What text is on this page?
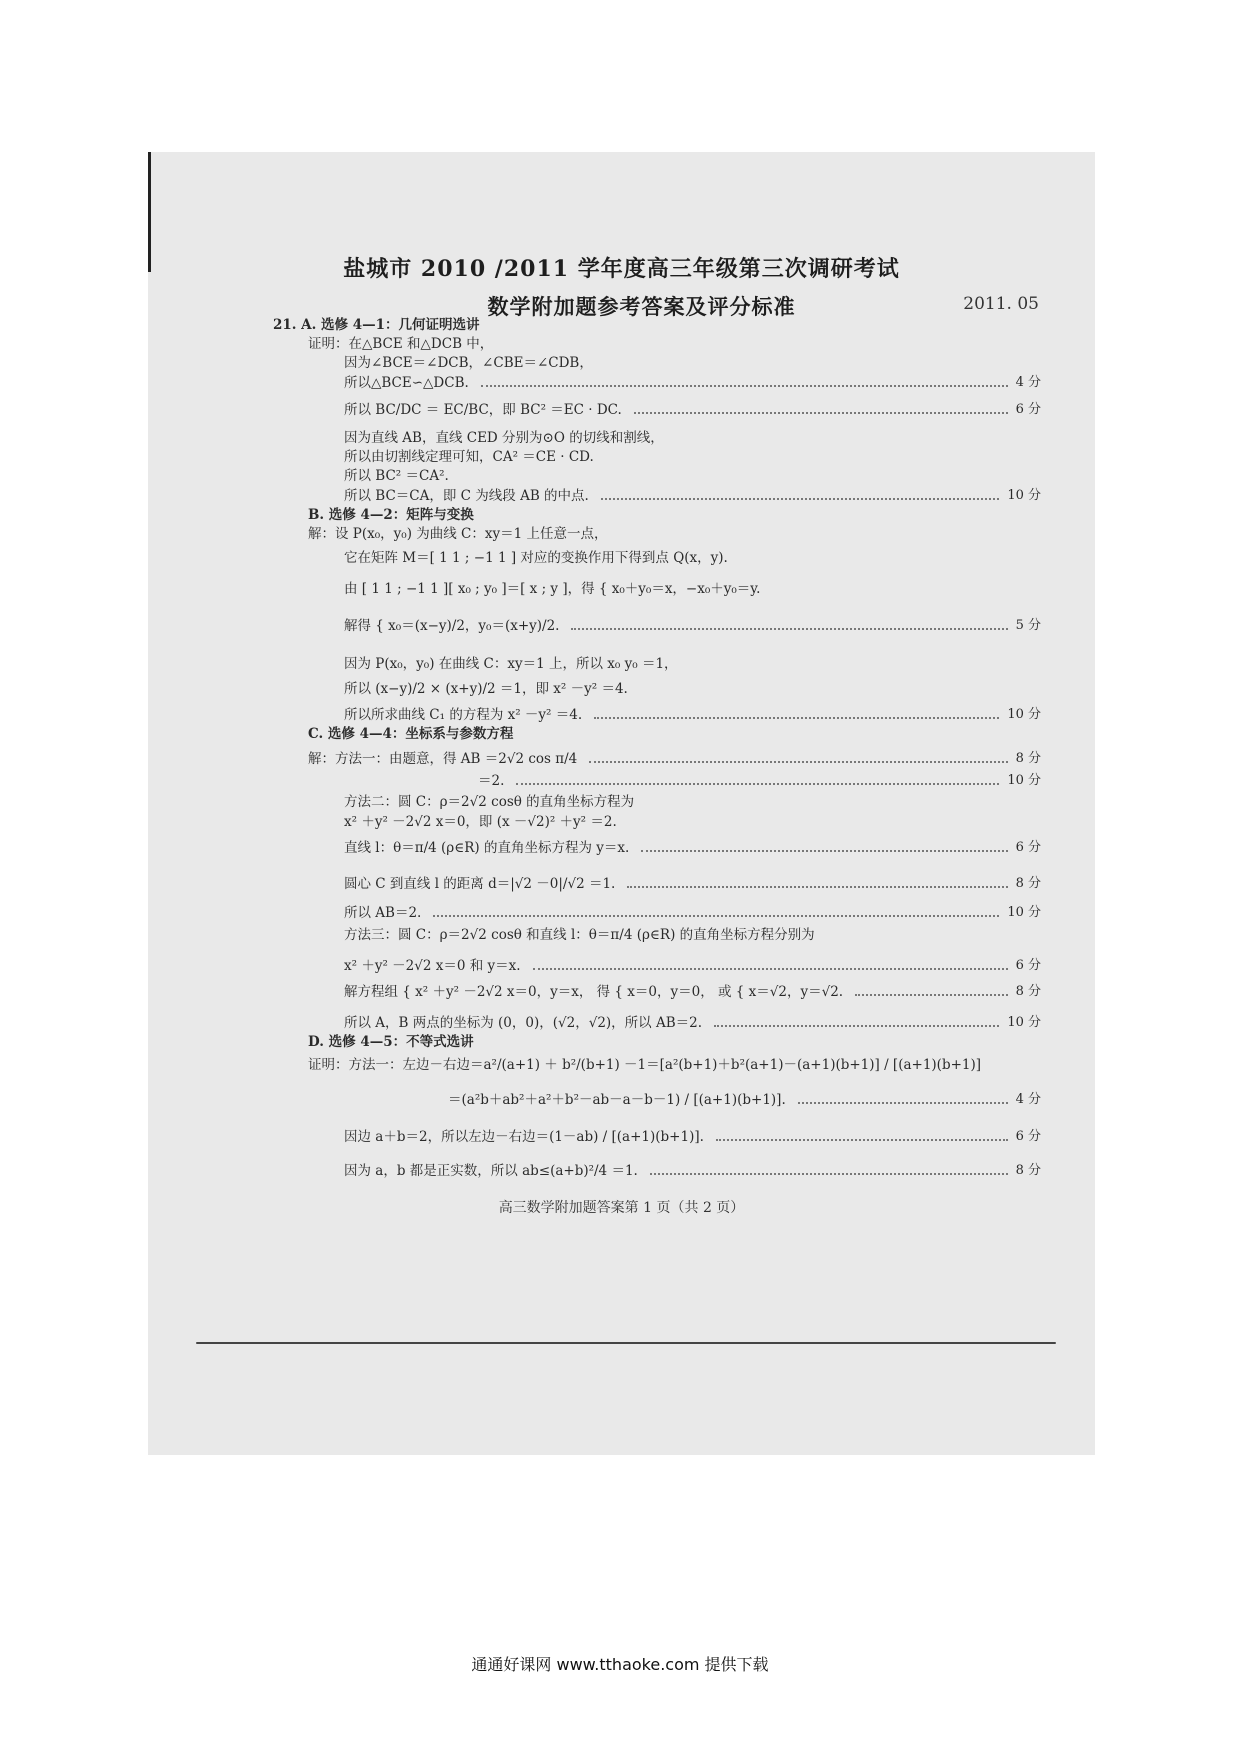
盐城市 2010 /2011 学年度高三年级第三次调研考试
数学附加题参考答案及评分标准	2011. 05
21. A. 选修 4—1：几何证明选讲
证明：在△BCE 和△DCB 中，
因为∠BCE＝∠DCB，∠CBE＝∠CDB，
所以△BCE∽△DCB.	4 分
所以 BC/DC ＝ EC/BC，即 BC² ＝EC · DC.	6 分
因为直线 AB，直线 CED 分别为⊙O 的切线和割线，
所以由切割线定理可知，CA² ＝CE · CD.
所以 BC² ＝CA².
所以 BC＝CA，即 C 为线段 AB 的中点.	10 分
B. 选修 4—2：矩阵与变换
解：设 P(x₀，y₀) 为曲线 C：xy＝1 上任意一点，
它在矩阵 M＝[ 1 1 ; −1 1 ] 对应的变换作用下得到点 Q(x，y).
由 [ 1 1 ; −1 1 ][ x₀ ; y₀ ]＝[ x ; y ]，得 { x₀＋y₀＝x，−x₀＋y₀＝y.
解得 { x₀＝(x−y)/2，y₀＝(x+y)/2.	5 分
因为 P(x₀，y₀) 在曲线 C：xy＝1 上，所以 x₀ y₀ ＝1，
所以 (x−y)/2 × (x+y)/2 ＝1，即 x² －y² ＝4.
所以所求曲线 C₁ 的方程为 x² －y² ＝4.	10 分
C. 选修 4—4：坐标系与参数方程
解：方法一：由题意，得 AB ＝2√2 cos π/4	8 分
＝2.	10 分
方法二：圆 C：ρ＝2√2 cosθ 的直角坐标方程为
x² ＋y² －2√2 x＝0，即 (x －√2)² ＋y² ＝2.
直线 l：θ＝π/4 (ρ∈R) 的直角坐标方程为 y＝x.	6 分
圆心 C 到直线 l 的距离 d＝|√2 －0|/√2 ＝1.	8 分
所以 AB＝2.	10 分
方法三：圆 C：ρ＝2√2 cosθ 和直线 l：θ＝π/4 (ρ∈R) 的直角坐标方程分别为
x² ＋y² －2√2 x＝0 和 y＝x.	6 分
解方程组 { x² ＋y² －2√2 x＝0，y＝x， 得 { x＝0，y＝0， 或 { x＝√2，y＝√2.	8 分
所以 A，B 两点的坐标为 (0，0)，(√2，√2)，所以 AB＝2.	10 分
D. 选修 4—5：不等式选讲
证明：方法一：左边－右边＝a²/(a+1) ＋ b²/(b+1) －1＝[a²(b+1)＋b²(a+1)－(a+1)(b+1)] / [(a+1)(b+1)]
＝(a²b＋ab²＋a²＋b²－ab－a－b－1) / [(a+1)(b+1)].	4 分
因边 a＋b＝2，所以左边－右边＝(1－ab) / [(a+1)(b+1)].	6 分
因为 a，b 都是正实数，所以 ab≤(a+b)²/4 ＝1.	8 分
高三数学附加题答案第 1 页（共 2 页）
通通好课网 www.tthaoke.com 提供下载
